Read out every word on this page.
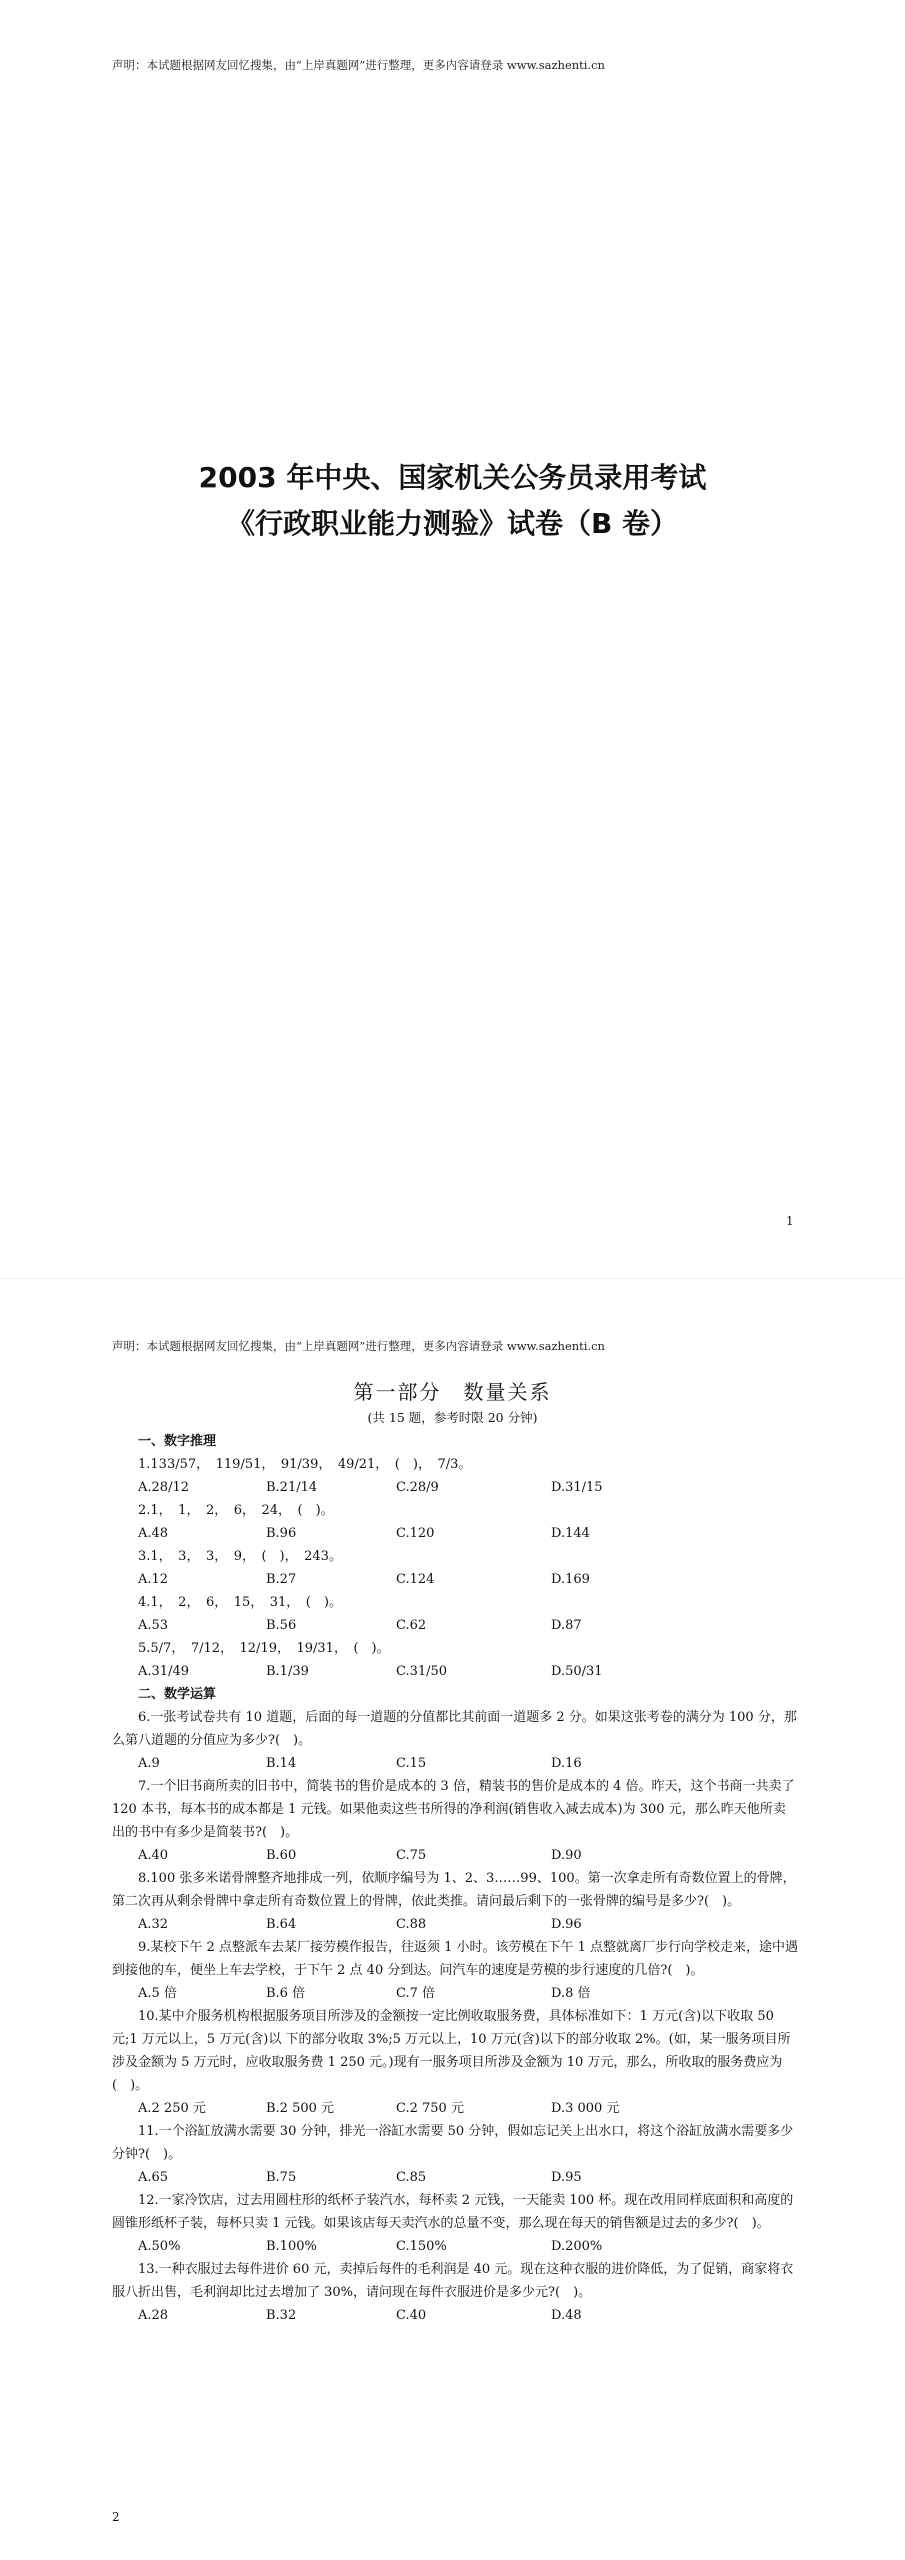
声明：本试题根据网友回忆搜集，由“上岸真题网”进行整理，更多内容请登录 www.sazhenti.cn
2003 年中央、国家机关公务员录用考试
《行政职业能力测验》试卷（B 卷）
1
声明：本试题根据网友回忆搜集，由“上岸真题网”进行整理，更多内容请登录 www.sazhenti.cn
第一部分　数量关系
(共 15 题，参考时限 20 分钟)
一、数字推理
1.133/57，　119/51，　91/39，　49/21，　(　)，　7/3。
A.28/12	B.21/14	C.28/9	D.31/15
2.1，　1，　2，　6，　24，　(　)。
A.48	B.96	C.120	D.144
3.1，　3，　3，　9，　(　)，　243。
A.12	B.27	C.124	D.169
4.1，　2，　6，　15，　31，　(　)。
A.53	B.56	C.62	D.87
5.5/7，　7/12，　12/19，　19/31，　(　)。
A.31/49	B.1/39	C.31/50	D.50/31
二、数学运算
6.一张考试卷共有 10 道题，后面的每一道题的分值都比其前面一道题多 2 分。如果这张考卷的满分为 100 分，那么第八道题的分值应为多少?(　)。
A.9	B.14	C.15	D.16
7.一个旧书商所卖的旧书中，简装书的售价是成本的 3 倍，精装书的售价是成本的 4 倍。昨天，这个书商一共卖了 120 本书，每本书的成本都是 1 元钱。如果他卖这些书所得的净利润(销售收入减去成本)为 300 元，那么昨天他所卖出的书中有多少是简装书?(　)。
A.40	B.60	C.75	D.90
8.100 张多米诺骨牌整齐地排成一列，依顺序编号为 1、2、3……99、100。第一次拿走所有奇数位置上的骨牌，第二次再从剩余骨牌中拿走所有奇数位置上的骨牌，依此类推。请问最后剩下的一张骨牌的编号是多少?(　)。
A.32	B.64	C.88	D.96
9.某校下午 2 点整派车去某厂接劳模作报告，往返须 1 小时。该劳模在下午 1 点整就离厂步行向学校走来，途中遇到接他的车，便坐上车去学校，于下午 2 点 40 分到达。问汽车的速度是劳模的步行速度的几倍?(　)。
A.5 倍	B.6 倍	C.7 倍	D.8 倍
10.某中介服务机构根据服务项目所涉及的金额按一定比例收取服务费，具体标准如下：1 万元(含)以下收取 50 元;1 万元以上，5 万元(含)以 下的部分收取 3%;5 万元以上，10 万元(含)以下的部分收取 2%。(如，某一服务项目所涉及金额为 5 万元时，应收取服务费 1 250 元。)现有一服务项目所涉及金额为 10 万元，那么，所收取的服务费应为(　)。
A.2 250 元	B.2 500 元	C.2 750 元	D.3 000 元
11.一个浴缸放满水需要 30 分钟，排光一浴缸水需要 50 分钟，假如忘记关上出水口，将这个浴缸放满水需要多少分钟?(　)。
A.65	B.75	C.85	D.95
12.一家冷饮店，过去用圆柱形的纸杯子装汽水，每杯卖 2 元钱，一天能卖 100 杯。现在改用同样底面积和高度的圆锥形纸杯子装，每杯只卖 1 元钱。如果该店每天卖汽水的总量不变，那么现在每天的销售额是过去的多少?(　)。
A.50%	B.100%	C.150%	D.200%
13.一种衣服过去每件进价 60 元，卖掉后每件的毛利润是 40 元。现在这种衣服的进价降低，为了促销，商家将衣服八折出售，毛利润却比过去增加了 30%，请问现在每件衣服进价是多少元?(　)。
A.28	B.32	C.40	D.48
2
